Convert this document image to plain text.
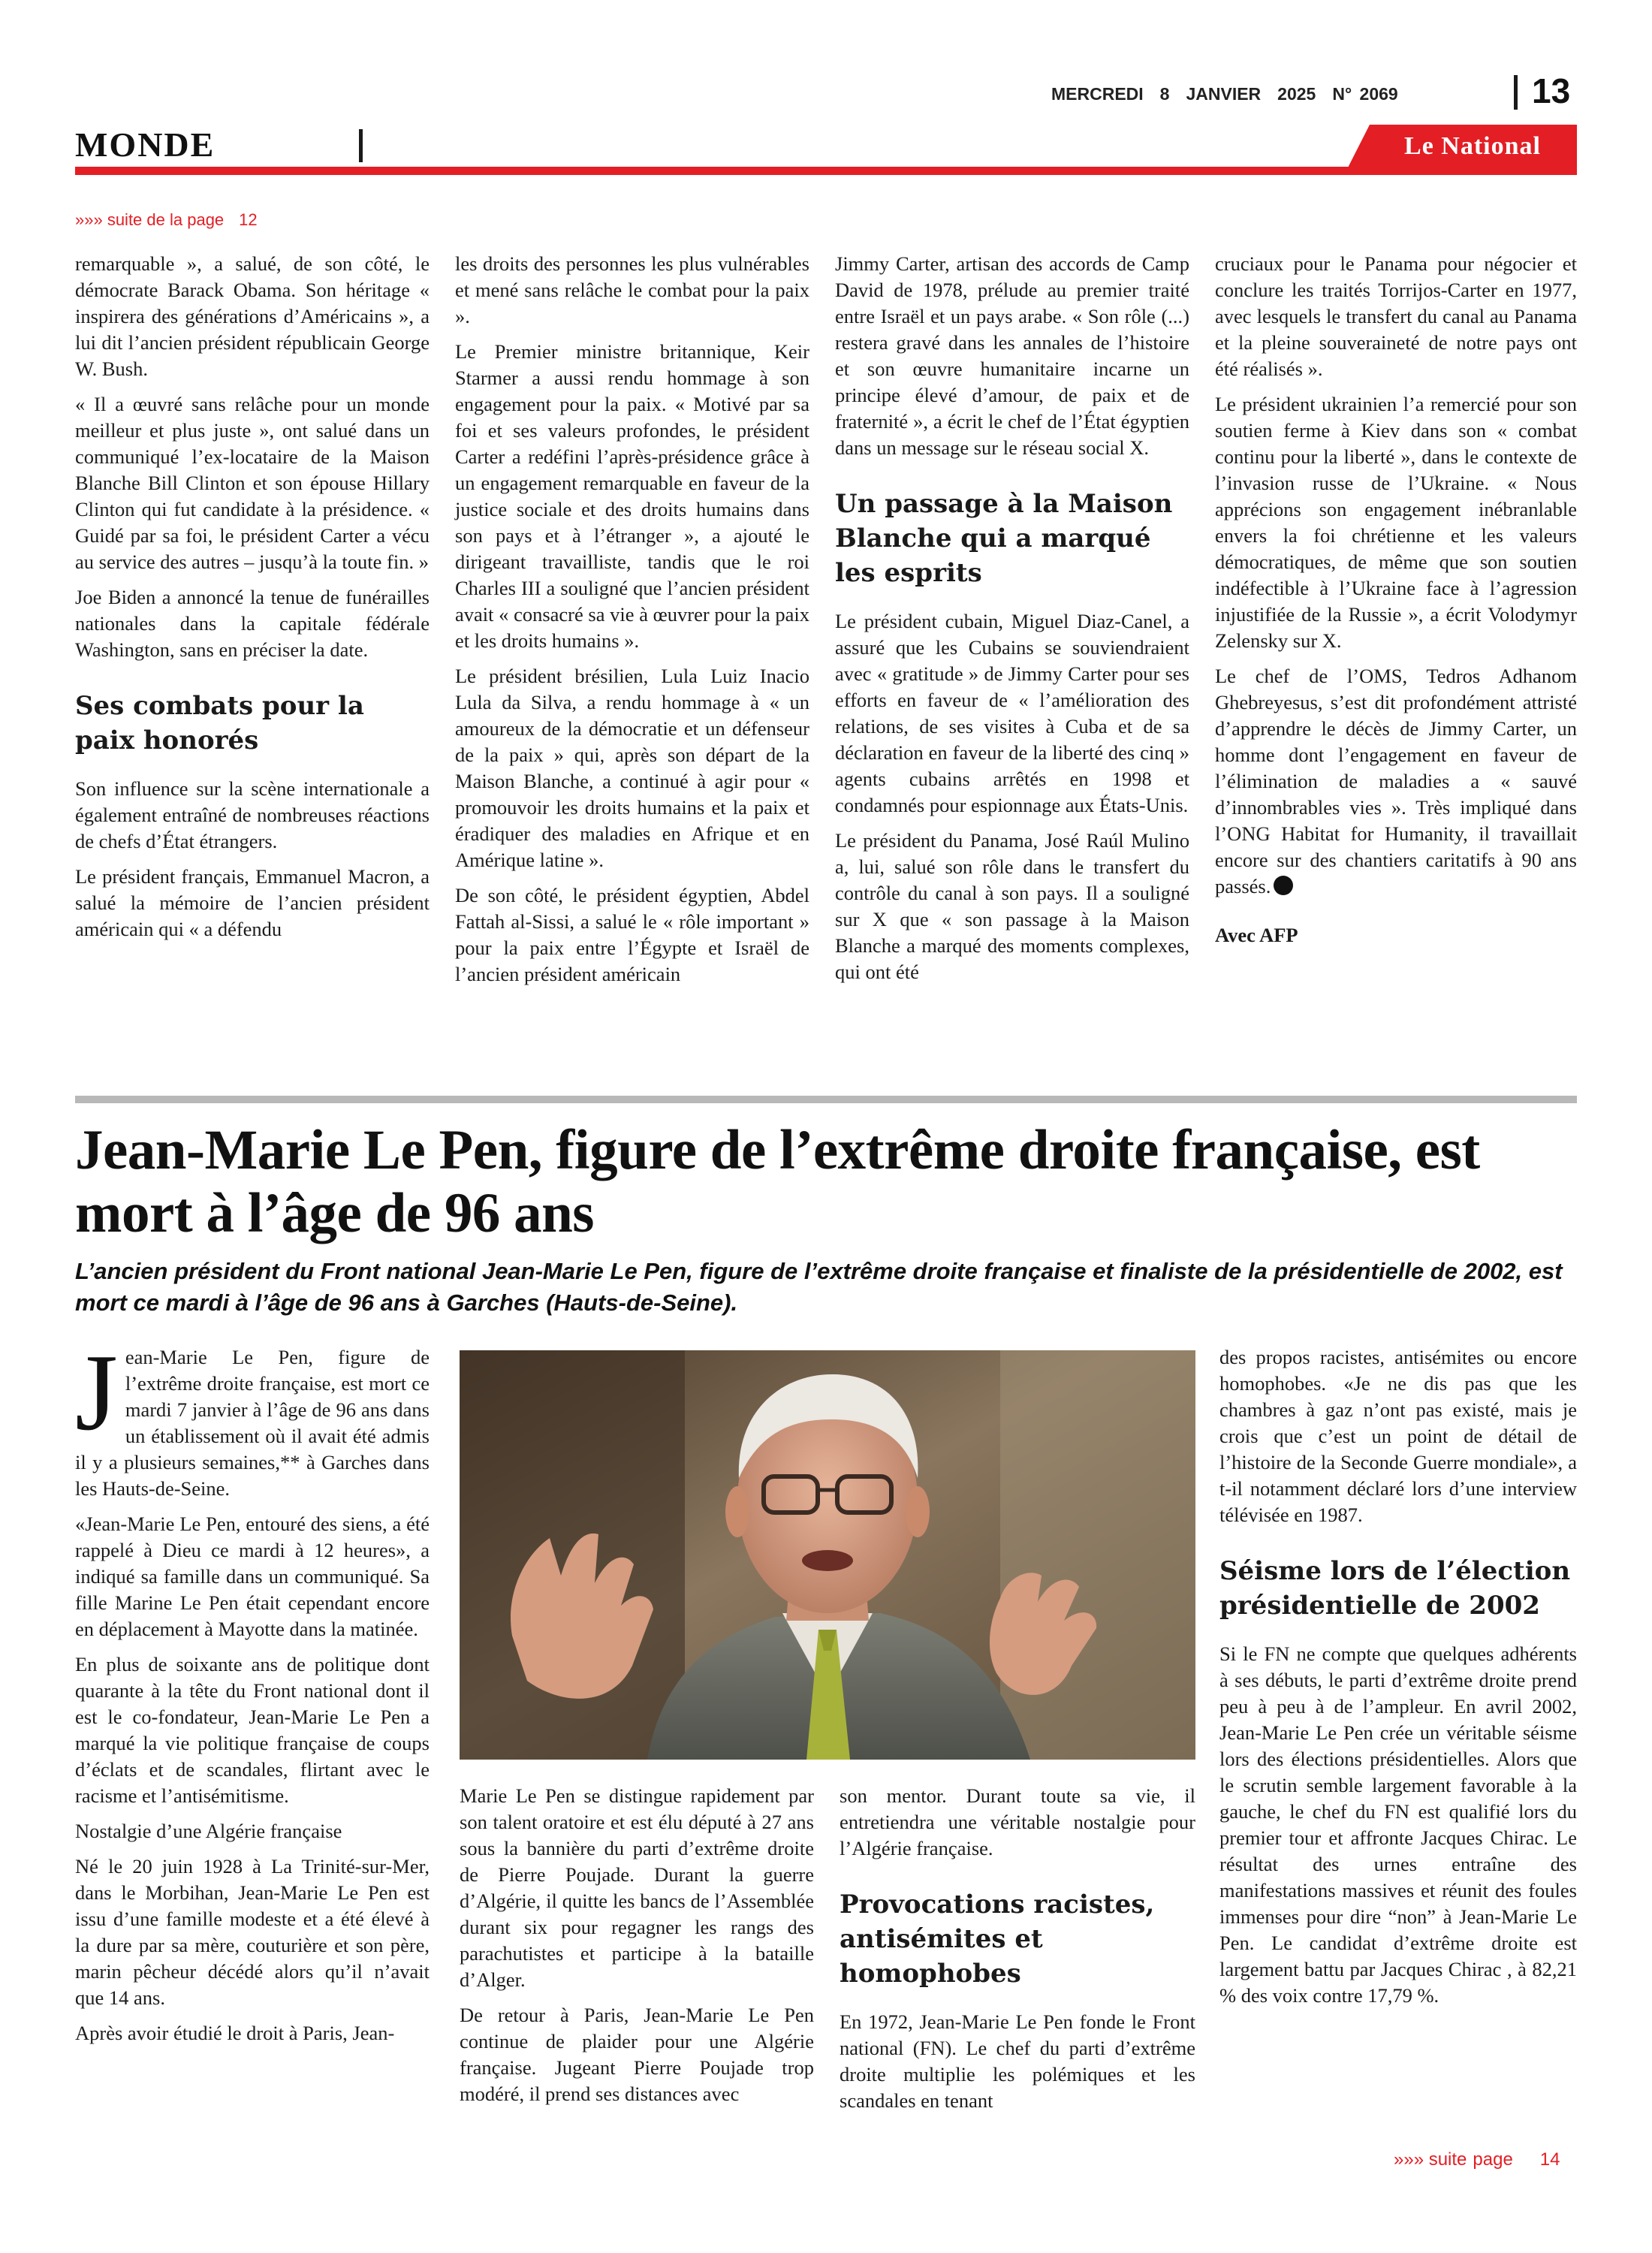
MERCREDI 8 JANVIER 2025 N° 2069	13
MONDE	Le National
»»» suite de la page 12

remarquable », a salué, de son côté, le démocrate Barack Obama. Son héritage « inspirera des générations d’Américains », a lui dit l’ancien président républicain George W. Bush.

« Il a œuvré sans relâche pour un monde meilleur et plus juste », ont salué dans un communiqué l’ex-locataire de la Maison Blanche Bill Clinton et son épouse Hillary Clinton qui fut candidate à la présidence. « Guidé par sa foi, le président Carter a vécu au service des autres – jusqu’à la toute fin. »

Joe Biden a annoncé la tenue de funérailles nationales dans la capitale fédérale Washington, sans en préciser la date.

Ses combats pour la paix honorés

Son influence sur la scène internationale a également entraîné de nombreuses réactions de chefs d’État étrangers.

Le président français, Emmanuel Macron, a salué la mémoire de l’ancien président américain qui « a défendu

les droits des personnes les plus vulnérables et mené sans relâche le combat pour la paix ».

Le Premier ministre britannique, Keir Starmer a aussi rendu hommage à son engagement pour la paix. « Motivé par sa foi et ses valeurs profondes, le président Carter a redéfini l’après-présidence grâce à un engagement remarquable en faveur de la justice sociale et des droits humains dans son pays et à l’étranger », a ajouté le dirigeant travailliste, tandis que le roi Charles III a souligné que l’ancien président avait « consacré sa vie à œuvrer pour la paix et les droits humains ».

Le président brésilien, Lula Luiz Inacio Lula da Silva, a rendu hommage à « un amoureux de la démocratie et un défenseur de la paix » qui, après son départ de la Maison Blanche, a continué à agir pour « promouvoir les droits humains et la paix et éradiquer des maladies en Afrique et en Amérique latine ».

De son côté, le président égyptien, Abdel Fattah al-Sissi, a salué le « rôle important » pour la paix entre l’Égypte et Israël de l’ancien président américain

Jimmy Carter, artisan des accords de Camp David de 1978, prélude au premier traité entre Israël et un pays arabe. « Son rôle (...) restera gravé dans les annales de l’histoire et son œuvre humanitaire incarne un principe élevé d’amour, de paix et de fraternité », a écrit le chef de l’État égyptien dans un message sur le réseau social X.

Un passage à la Maison Blanche qui a marqué les esprits

Le président cubain, Miguel Diaz-Canel, a assuré que les Cubains se souviendraient avec « gratitude » de Jimmy Carter pour ses efforts en faveur de « l’amélioration des relations, de ses visites à Cuba et de sa déclaration en faveur de la liberté des cinq » agents cubains arrêtés en 1998 et condamnés pour espionnage aux États-Unis.

Le président du Panama, José Raúl Mulino a, lui, salué son rôle dans le transfert du contrôle du canal à son pays. Il a souligné sur X que « son passage à la Maison Blanche a marqué des moments complexes, qui ont été

cruciaux pour le Panama pour négocier et conclure les traités Torrijos-Carter en 1977, avec lesquels le transfert du canal au Panama et la pleine souveraineté de notre pays ont été réalisés ».

Le président ukrainien l’a remercié pour son soutien ferme à Kiev dans son « combat continu pour la liberté », dans le contexte de l’invasion russe de l’Ukraine. « Nous apprécions son engagement inébranlable envers la foi chrétienne et les valeurs démocratiques, de même que son soutien indéfectible à l’Ukraine face à l’agression injustifiée de la Russie », a écrit Volodymyr Zelensky sur X.

Le chef de l’OMS, Tedros Adhanom Ghebreyesus, s’est dit profondément attristé d’apprendre le décès de Jimmy Carter, un homme dont l’engagement en faveur de l’élimination de maladies a « sauvé d’innombrables vies ». Très impliqué dans l’ONG Habitat for Humanity, il travaillait encore sur des chantiers caritatifs à 90 ans passés.

Avec AFP

Jean-Marie Le Pen, figure de l’extrême droite française, est mort à l’âge de 96 ans

L’ancien président du Front national Jean-Marie Le Pen, figure de l’extrême droite française et finaliste de la présidentielle de 2002, est mort ce mardi à l’âge de 96 ans à Garches (Hauts-de-Seine).

Jean-Marie Le Pen, figure de l’extrême droite française, est mort ce mardi 7 janvier à l’âge de 96 ans dans un établissement où il avait été admis il y a plusieurs semaines,** à Garches dans les Hauts-de-Seine.

«Jean-Marie Le Pen, entouré des siens, a été rappelé à Dieu ce mardi à 12 heures», a indiqué sa famille dans un communiqué. Sa fille Marine Le Pen était cependant encore en déplacement à Mayotte dans la matinée.

En plus de soixante ans de politique dont quarante à la tête du Front national dont il est le co-fondateur, Jean-Marie Le Pen a marqué la vie politique française de coups d’éclats et de scandales, flirtant avec le racisme et l’antisémitisme.

Nostalgie d’une Algérie française

Né le 20 juin 1928 à La Trinité-sur-Mer, dans le Morbihan, Jean-Marie Le Pen est issu d’une famille modeste et a été élevé à la dure par sa mère, couturière et son père, marin pêcheur décédé alors qu’il n’avait que 14 ans.

Après avoir étudié le droit à Paris, Jean-

Marie Le Pen se distingue rapidement par son talent oratoire et est élu député à 27 ans sous la bannière du parti d’extrême droite de Pierre Poujade. Durant la guerre d’Algérie, il quitte les bancs de l’Assemblée durant six pour regagner les rangs des parachutistes et participe à la bataille d’Alger.

De retour à Paris, Jean-Marie Le Pen continue de plaider pour une Algérie française. Jugeant Pierre Poujade trop modéré, il prend ses distances avec

son mentor. Durant toute sa vie, il entretiendra une véritable nostalgie pour l’Algérie française.

Provocations racistes, antisémites et homophobes

En 1972, Jean-Marie Le Pen fonde le Front national (FN). Le chef du parti d’extrême droite multiplie les polémiques et les scandales en tenant

des propos racistes, antisémites ou encore homophobes. «Je ne dis pas que les chambres à gaz n’ont pas existé, mais je crois que c’est un point de détail de l’histoire de la Seconde Guerre mondiale», a t-il notamment déclaré lors d’une interview télévisée en 1987.

Séisme lors de l’élection présidentielle de 2002

Si le FN ne compte que quelques adhérents à ses débuts, le parti d’extrême droite prend peu à peu à de l’ampleur. En avril 2002, Jean-Marie Le Pen crée un véritable séisme lors des élections présidentielles. Alors que le scrutin semble largement favorable à la gauche, le chef du FN est qualifié lors du premier tour et affronte Jacques Chirac. Le résultat des urnes entraîne des manifestations massives et réunit des foules immenses pour dire “non” à Jean-Marie Le Pen. Le candidat d’extrême droite est largement battu par Jacques Chirac , à 82,21 % des voix contre 17,79 %.

»»» suite page 14
